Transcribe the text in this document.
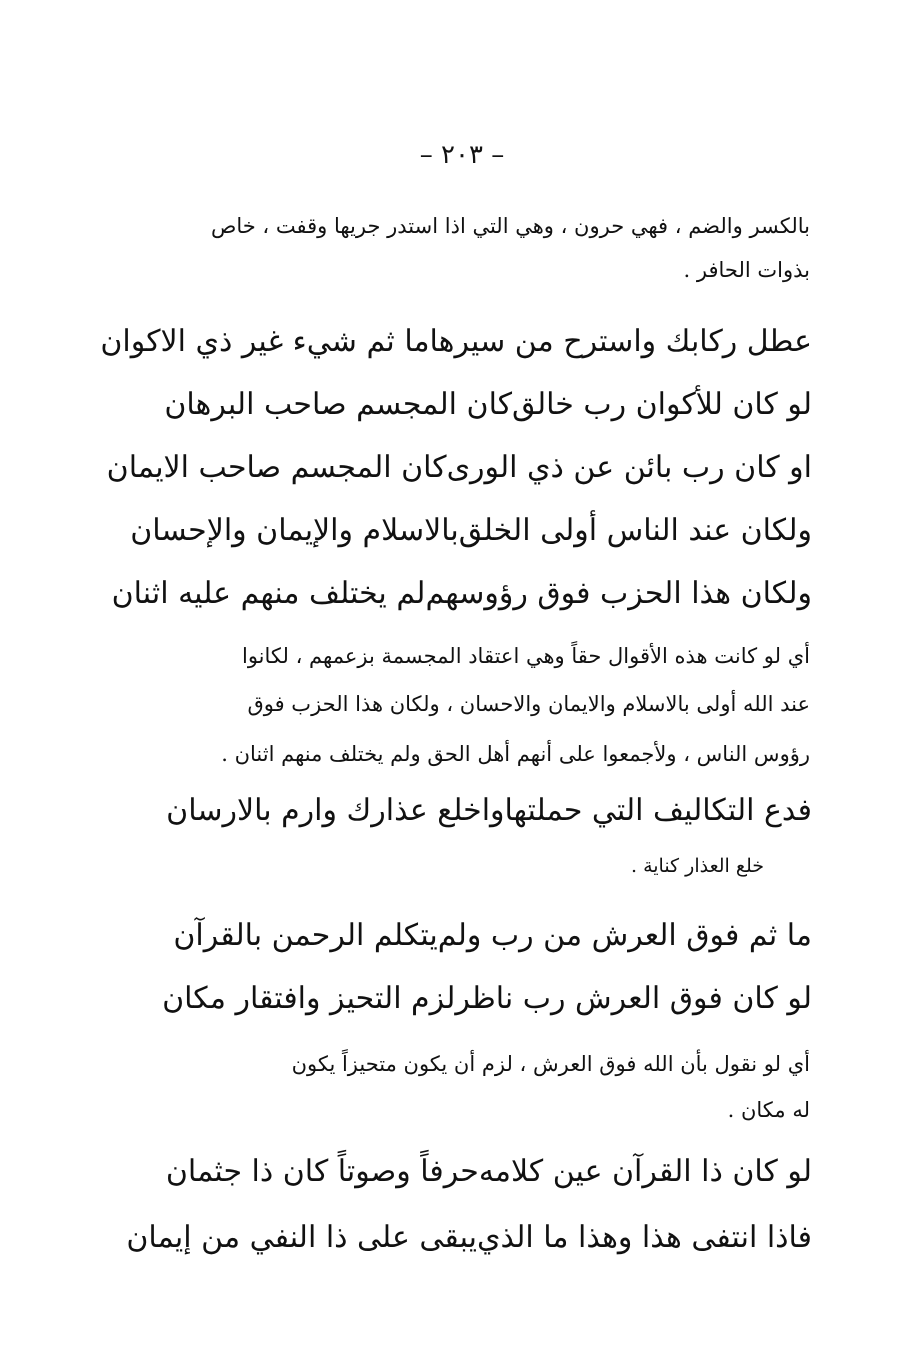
– ٢٠٣ –
بالكسر والضم ، فهي حرون ، وهي التي اذا استدر جريها وقفت ، خاص
بذوات الحافر .
عطل ركابك واسترح من سيرها
ما ثم شيء غير ذي الاكوان
لو كان للأكوان رب خالق
كان المجسم صاحب البرهان
او كان رب بائن عن ذي الورى
كان المجسم صاحب الايمان
ولكان عند الناس أولى الخلق
بالاسلام والإيمان والإحسان
ولكان هذا الحزب فوق رؤوسهم
لم يختلف منهم عليه اثنان
أي لو كانت هذه الأقوال حقاً وهي اعتقاد المجسمة بزعمهم ، لكانوا
عند الله أولى بالاسلام والايمان والاحسان ، ولكان هذا الحزب فوق
رؤوس الناس ، ولأجمعوا على أنهم أهل الحق ولم يختلف منهم اثنان .
فدع التكاليف التي حملتها
واخلع عذارك وارم بالارسان
خلع العذار كناية .
ما ثم فوق العرش من رب ولم
يتكلم الرحمن بالقرآن
لو كان فوق العرش رب ناظر
لزم التحيز وافتقار مكان
أي لو نقول بأن الله فوق العرش ، لزم أن يكون متحيزاً يكون
له مكان .
لو كان ذا القرآن عين كلامه
حرفاً وصوتاً كان ذا جثمان
فاذا انتفى هذا وهذا ما الذي
يبقى على ذا النفي من إيمان
